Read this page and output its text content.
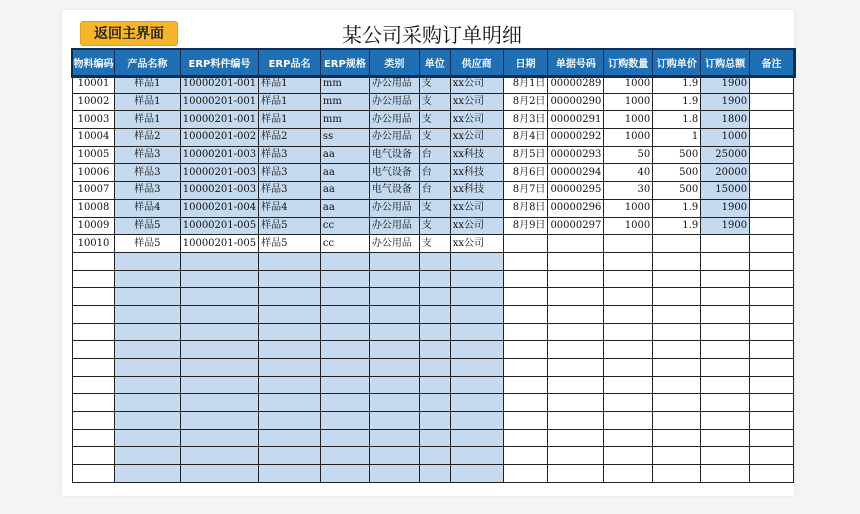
返回主界面	某公司采购订单明细
物料编码	产品名称	ERP料件编号	ERP品名	ERP规格	类别	单位	供应商	日期	单据号码	订购数量	订购单价	订购总额	备注
10001	样品1	10000201-001	样品1	mm	办公用品	支	xx公司	8月1日	00000289	1000	1.9	1900	
10002	样品1	10000201-001	样品1	mm	办公用品	支	xx公司	8月2日	00000290	1000	1.9	1900	
10003	样品1	10000201-001	样品1	mm	办公用品	支	xx公司	8月3日	00000291	1000	1.8	1800	
10004	样品2	10000201-002	样品2	ss	办公用品	支	xx公司	8月4日	00000292	1000	1	1000	
10005	样品3	10000201-003	样品3	aa	电气设备	台	xx科技	8月5日	00000293	50	500	25000	
10006	样品3	10000201-003	样品3	aa	电气设备	台	xx科技	8月6日	00000294	40	500	20000	
10007	样品3	10000201-003	样品3	aa	电气设备	台	xx科技	8月7日	00000295	30	500	15000	
10008	样品4	10000201-004	样品4	aa	办公用品	支	xx公司	8月8日	00000296	1000	1.9	1900	
10009	样品5	10000201-005	样品5	cc	办公用品	支	xx公司	8月9日	00000297	1000	1.9	1900	
10010	样品5	10000201-005	样品5	cc	办公用品	支	xx公司						
